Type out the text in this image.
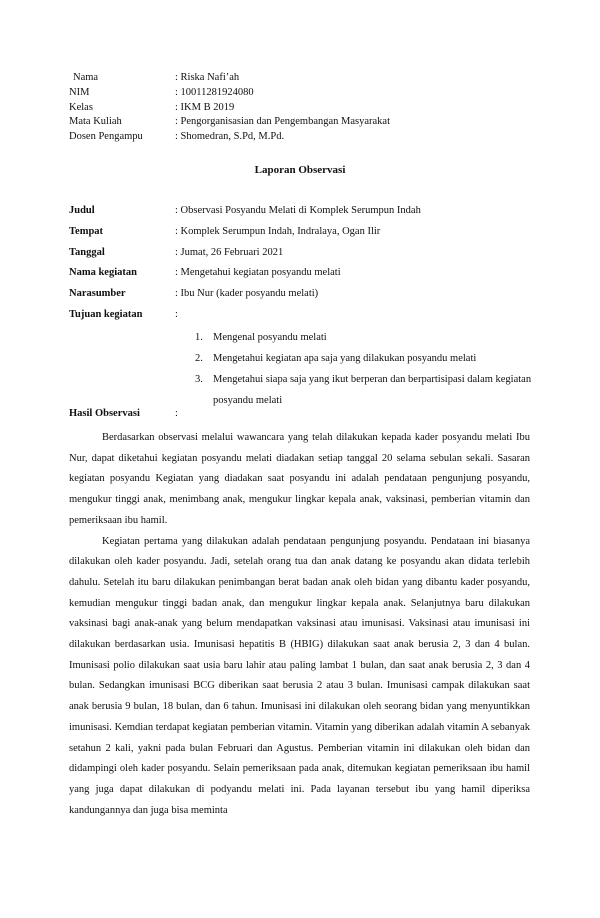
Nama	: Riska Nafi’ah
NIM	: 10011281924080
Kelas	: IKM B 2019
Mata Kuliah	: Pengorganisasian dan Pengembangan Masyarakat
Dosen Pengampu	: Shomedran, S.Pd, M.Pd.
Laporan Observasi
Judul	: Observasi Posyandu Melati di Komplek Serumpun Indah
Tempat	: Komplek Serumpun Indah, Indralaya, Ogan Ilir
Tanggal	: Jumat, 26 Februari 2021
Nama kegiatan	: Mengetahui kegiatan posyandu melati
Narasumber	: Ibu Nur (kader posyandu melati)
Tujuan kegiatan	:
1. Mengenal posyandu melati
2. Mengetahui kegiatan apa saja yang dilakukan posyandu melati
3. Mengetahui siapa saja yang ikut berperan dan berpartisipasi dalam kegiatan posyandu melati
Hasil Observasi	:

Berdasarkan observasi melalui wawancara yang telah dilakukan kepada kader posyandu melati Ibu Nur, dapat diketahui kegiatan posyandu melati diadakan setiap tanggal 20 selama sebulan sekali. Sasaran kegiatan posyandu Kegiatan yang diadakan saat posyandu ini adalah pendataan pengunjung posyandu, mengukur tinggi anak, menimbang anak, mengukur lingkar kepala anak, vaksinasi, pemberian vitamin dan pemeriksaan ibu hamil.

Kegiatan pertama yang dilakukan adalah pendataan pengunjung posyandu. Pendataan ini biasanya dilakukan oleh kader posyandu. Jadi, setelah orang tua dan anak datang ke posyandu akan didata terlebih dahulu. Setelah itu baru dilakukan penimbangan berat badan anak oleh bidan yang dibantu kader posyandu, kemudian mengukur tinggi badan anak, dan mengukur lingkar kepala anak. Selanjutnya baru dilakukan vaksinasi bagi anak-anak yang belum mendapatkan vaksinasi atau imunisasi. Vaksinasi atau imunisasi ini dilakukan berdasarkan usia. Imunisasi hepatitis B (HBIG) dilakukan saat anak berusia 2, 3 dan 4 bulan. Imunisasi polio dilakukan saat usia baru lahir atau paling lambat 1 bulan, dan saat anak berusia 2, 3 dan 4 bulan. Sedangkan imunisasi BCG diberikan saat berusia 2 atau 3 bulan. Imunisasi campak dilakukan saat anak berusia 9 bulan, 18 bulan, dan 6 tahun. Imunisasi ini dilakukan oleh seorang bidan yang menyuntikkan imunisasi. Kemdian terdapat kegiatan pemberian vitamin. Vitamin yang diberikan adalah vitamin A sebanyak setahun 2 kali, yakni pada bulan Februari dan Agustus. Pemberian vitamin ini dilakukan oleh bidan dan didampingi oleh kader posyandu. Selain pemeriksaan pada anak, ditemukan kegiatan pemeriksaan ibu hamil yang juga dapat dilakukan di podyandu melati ini. Pada layanan tersebut ibu yang hamil diperiksa kandungannya dan juga bisa meminta
